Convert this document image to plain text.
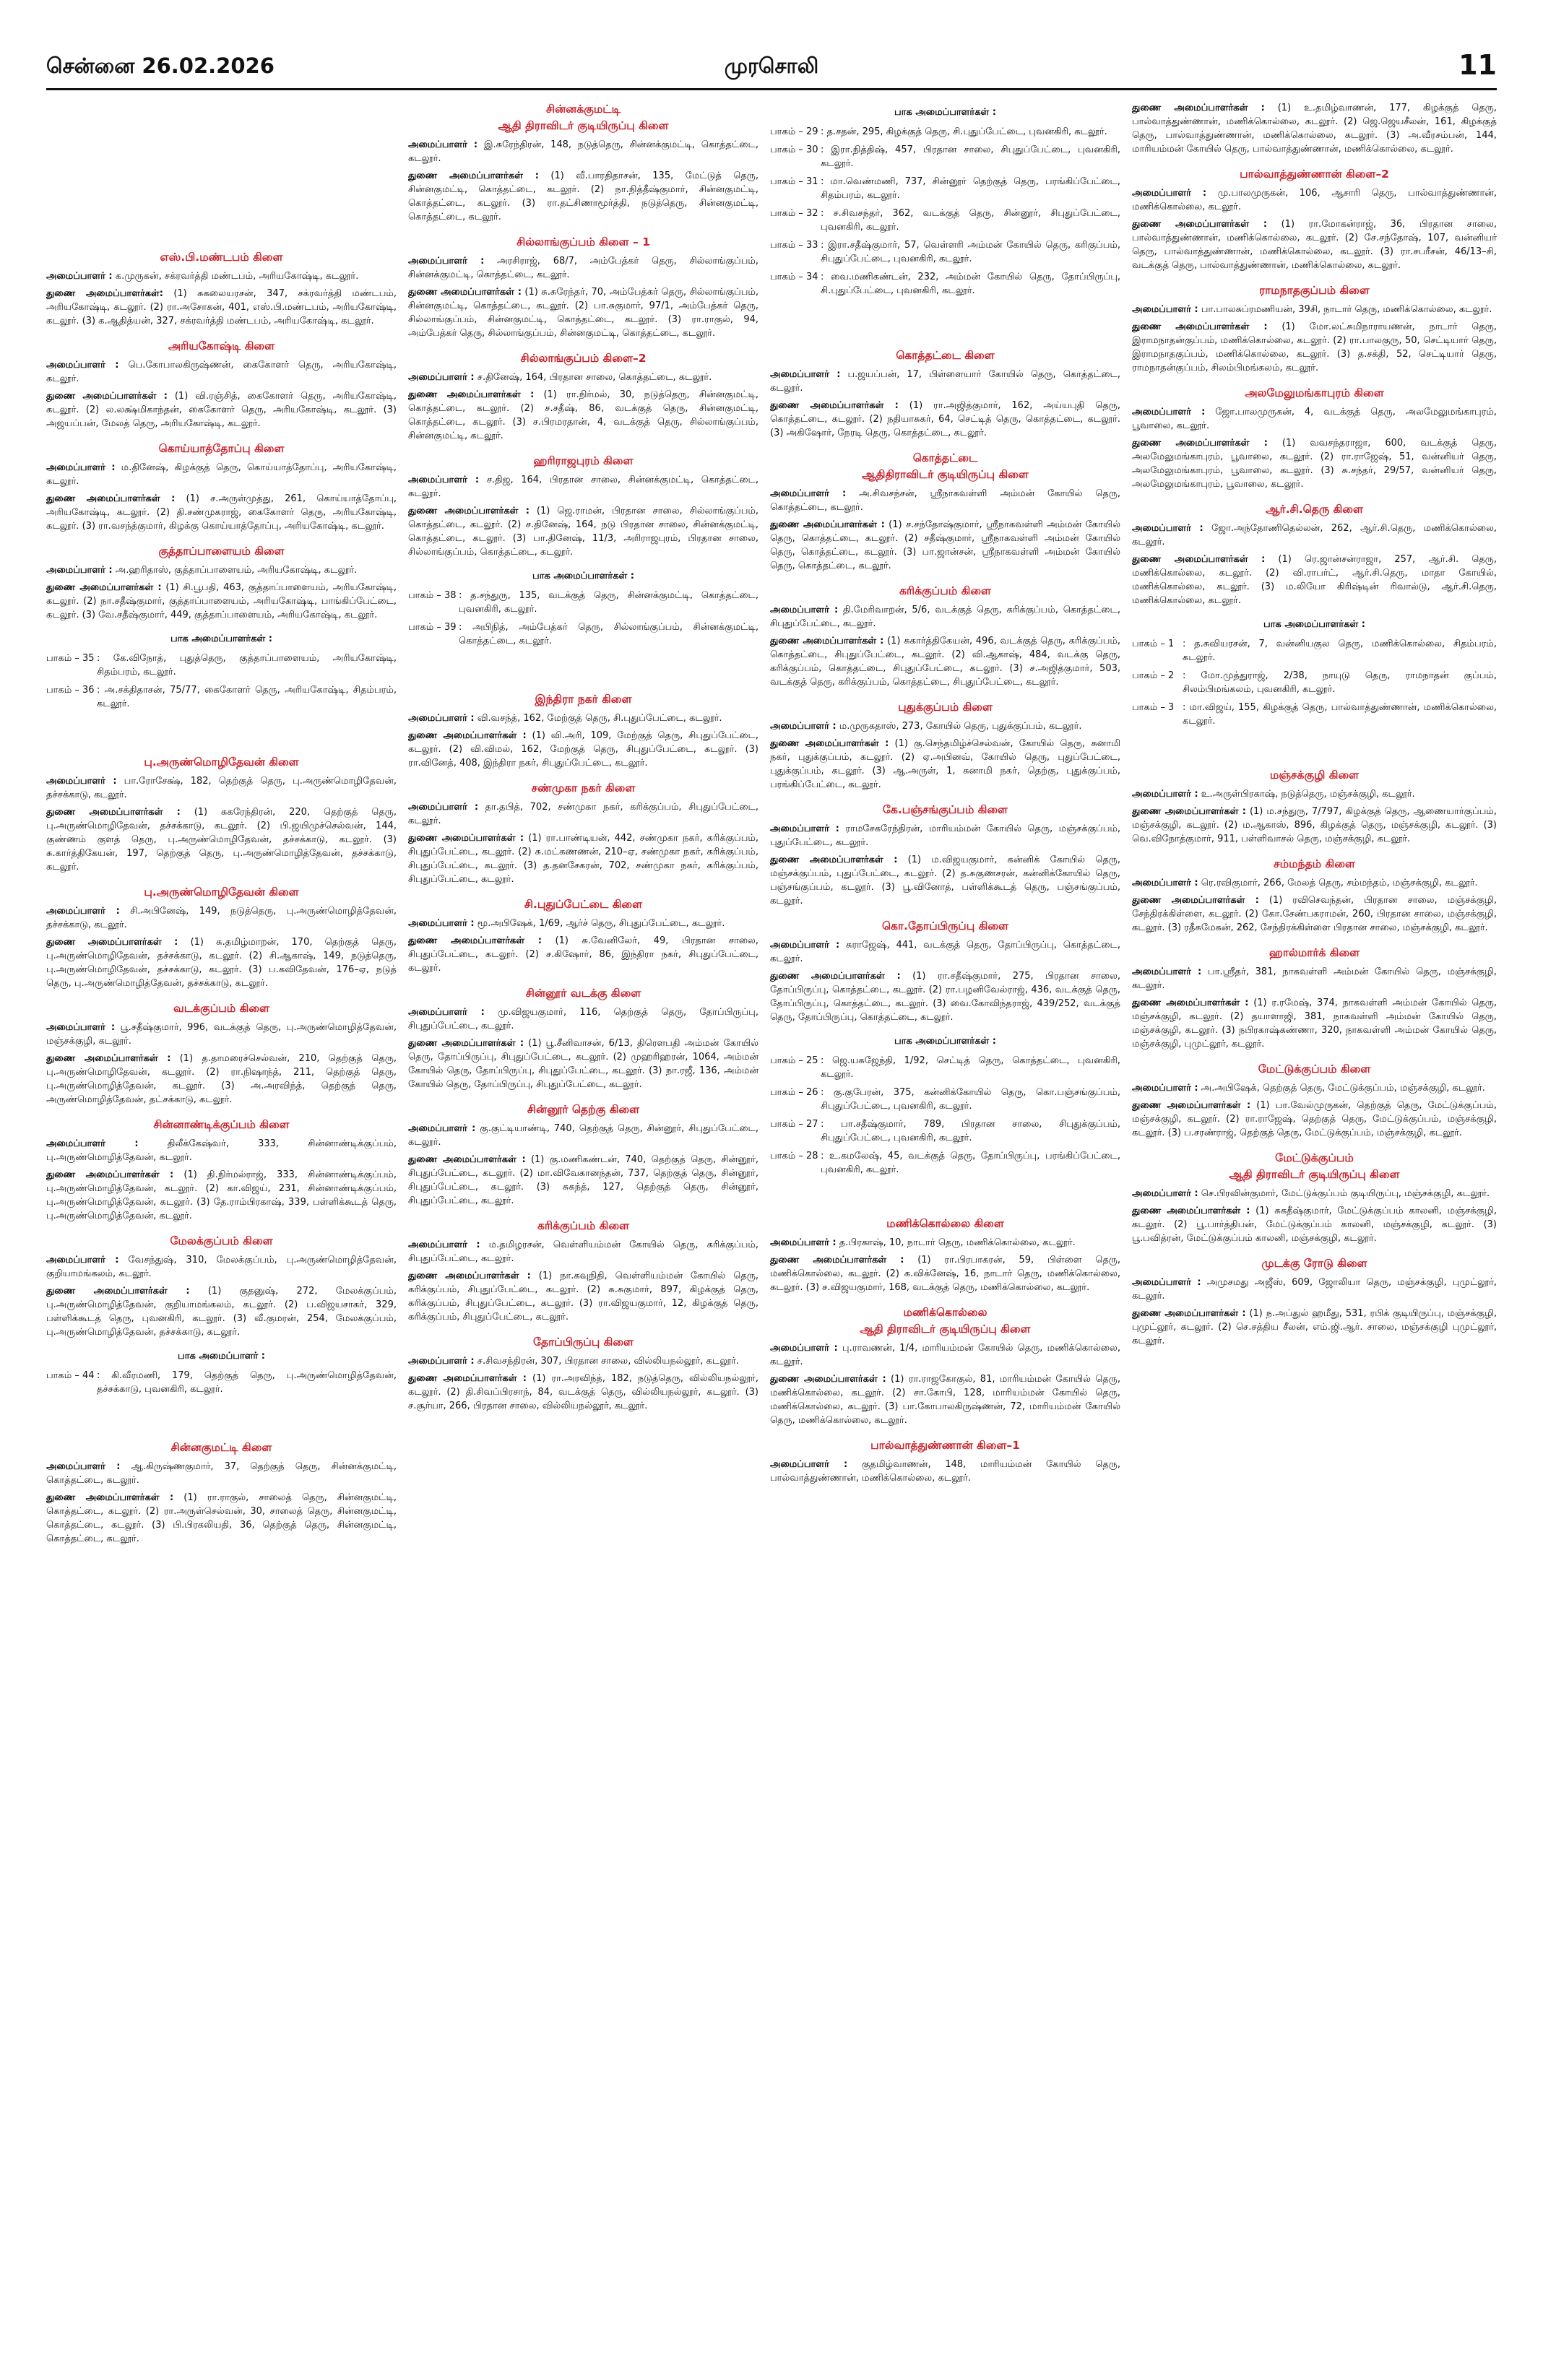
சென்னை 26.02.2026	முரசொலி	11
எஸ்.பி.மண்டபம் கிளை

அமைப்பாளர் : க.முருகன், சக்ரவர்த்தி மண்டபம், அரியகோஷ்டி, கடலூர்.

துணை அமைப்பாளர்கள்: (1) சுகலையரசன், 347, சக்ரவர்த்தி மண்டபம், அரியகோஷ்டி, கடலூர். (2) ரா.அசோகன், 401, எஸ்.பி.மண்டபம், அரியகோஷ்டி, கடலூர். (3) க.ஆதித்யன், 327, சக்ரவர்த்தி மண்டபம், அரியகோஷ்டி, கடலூர்.

அரியகோஷ்டி கிளை

அமைப்பாளர் : பெ.கோபாலகிருஷ்ணன், கைகோளர் தெரு, அரியகோஷ்டி, கடலூர்.

துணை அமைப்பாளர்கள் : (1) வி.ரஞ்சித், கைகோளர் தெரு, அரியகோஷ்டி, கடலூர். (2) ல.லக்ஷ்மிகாந்தன், கைகோளர் தெரு, அரியகோஷ்டி, கடலூர். (3) அஜயப்பன், மேலத் தெரு, அரியகோஷ்டி, கடலூர்.

கொய்யாத்தோப்பு கிளை

அமைப்பாளர் : ம.தினேஷ், கிழக்குத் தெரு, கொய்யாத்தோப்பு, அரியகோஷ்டி, கடலூர்.

துணை அமைப்பாளர்கள் : (1) ச.அருள்முத்து, 261, கொய்யாத்தோப்பு, அரியகோஷ்டி, கடலூர். (2) தி.சண்முகராஜ், கைகோளர் தெரு, அரியகோஷ்டி, கடலூர். (3) ரா.வசந்த்குமார், கிழக்கு கொய்யாத்தோப்பு, அரியகோஷ்டி, கடலூர்.

குத்தாப்பாளையம் கிளை

அமைப்பாளர் : அ.ஹரிதாஸ், குத்தாப்பாளையம், அரியகோஷ்டி, கடலூர்.

துணை அமைப்பாளர்கள் : (1) சி.பூபதி, 463, குத்தாப்பாளையம், அரியகோஷ்டி, கடலூர். (2) நா.சதீஷ்குமார், குத்தாப்பாளையம், அரியகோஷ்டி, பாங்கிப்பேட்டை, கடலூர். (3) வே.சதீஷ்குமார், 449, குத்தாப்பாளையம், அரியகோஷ்டி, கடலூர்.

பாக அமைப்பாளர்கள் :
பாகம் – 35 : கே.விநோத், புதுத்தெரு, குத்தாப்பாளையம், அரியகோஷ்டி, சிதம்பரம், கடலூர்.
பாகம் – 36 : அ.சக்திதாசன், 75/77, கைகோளர் தெரு, அரியகோஷ்டி, சிதம்பரம், கடலூர்.
பு.அருண்மொழிதேவன் கிளை

அமைப்பாளர் : பா.ரோசேக்ஷ், 182, தெற்குத் தெரு, பு.அருண்மொழிதேவன், தச்சக்காடு, கடலூர்.

துணை அமைப்பாளர்கள் : (1) சுகரேந்திரன், 220, தெற்குத் தெரு, பு.அருண்மொழிதேவன், தச்சக்காடு, கடலூர். (2) பி.ஜயிமுச்செல்வன், 144, குண்ணம் குளத் தெரு, பு.அருண்மொழிதேவன், தச்சக்காடு, கடலூர். (3) சு.கார்த்திகேயன், 197, தெற்குத் தெரு, பு.அருண்மொழித்தேவன், தச்சக்காடு, கடலூர்.

பு.அருண்மொழிதேவன் கிளை

அமைப்பாளர் : சி.அபினேஷ், 149, நடுத்தெரு, பு.அருண்மொழித்தேவன், தச்சக்காடு, கடலூர்.

துணை அமைப்பாளர்கள் : (1) சு.தமிழ்மாறன், 170, தெற்குத் தெரு, பு.அருண்மொழிதேவன், தச்சக்காடு, கடலூர். (2) சி.ஆகாஷ், 149, நடுத்தெரு, பு.அருண்மொழிதேவன், தச்சக்காடு, கடலூர். (3) ப.கவிதேவன், 176–ஏ, நடுத் தெரு, பு.அருண்மொழித்தேவன், தச்சக்காடு, கடலூர்.

வடக்குப்பம் கிளை

அமைப்பாளர் : பூ.சதீஷ்குமார், 996, வடக்குத் தெரு, பு.அருண்மொழித்தேவன், மஞ்சக்குழி, கடலூர்.

துணை அமைப்பாளர்கள் : (1) த.தாமரைச்செல்வன், 210, தெற்குத் தெரு, பு.அருண்மொழிதேவன், கடலூர். (2) ரா.நிஷாந்த், 211, தெற்குத் தெரு, பு.அருண்மொழித்தேவன், கடலூர். (3) அ.அரவிந்த், தெற்குத் தெரு, அருண்மொழித்தேவன், தட்சக்காடு, கடலூர்.

சின்னாண்டிக்குப்பம் கிளை

அமைப்பாளர் :	திலீக்கேஷ்வர், 333, சின்னாண்டிக்குப்பம், பு.அருண்மொழித்தேவன், கடலூர்.

துணை அமைப்பாளர்கள் : (1) தி.நிர்மல்ராஜ், 333, சின்னாண்டிக்குப்பம், பு.அருண்மொழித்தேவன், கடலூர். (2) கா.விஜய், 231, சின்னாண்டிக்குப்பம், பு.அருண்மொழித்தேவன், கடலூர். (3) தே.ராம்பிரகாஷ், 339, பள்ளிக்கூடத் தெரு, பு.அருண்மொழித்தேவன், கடலூர்.

மேலக்குப்பம் கிளை

அமைப்பாளர் : வேசந்துஷ், 310, மேலக்குப்பம், பு.அருண்மொழித்தேவன், குறியாமங்கலம், கடலூர்.

துணை அமைப்பாளர்கள் : (1) குதனுஷ், 272, மேலக்குப்பம், பு.அருண்மொழித்தேவன், குறியாமங்கலம், கடலூர். (2) ப.விஜயசாகர், 329, பள்ளிக்கூடத் தெரு, புவனகிரி, கடலூர். (3) வீ.குமரன், 254, மேலக்குப்பம், பு.அருண்மொழித்தேவன், தச்சக்காடு, கடலூர்.

பாக அமைப்பாளர் :
பாகம் – 44 : கி.வீரமணி, 179, தெற்குத் தெரு, பு.அருண்மொழித்தேவன், தச்சக்காடு, புவனகிரி, கடலூர்.
சின்னகுமட்டி கிளை

அமைப்பாளர் : ஆ.கிருஷ்ணகுமார், 37, தெற்குத் தெரு, சின்னக்குமட்டி, கொத்தட்டை, கடலூர்.

துணை அமைப்பாளர்கள் : (1) ரா.ராகுல், சாலைத் தெரு, சின்னகுமட்டி, கொத்தட்டை, கடலூர். (2) ரா.அருள்செல்வன், 30, சாலைத் தெரு, சின்னகுமட்டி, கொத்தட்டை, கடலூர். (3) பி.பிரகலியதி, 36, தெற்குத் தெரு, சின்னகுமட்டி, கொத்தட்டை, கடலூர்.

சின்னக்குமட்டி
ஆதி திராவிடர் குடியிருப்பு கிளை

அமைப்பாளர் : இ.சுரேந்திரன், 148, நடுத்தெரு, சின்னக்குமட்டி, கொத்தட்டை, கடலூர்.

துணை அமைப்பாளர்கள் : (1) வீ.பாரதிதாசன், 135, மேட்டுத் தெரு, சின்னகுமட்டி, கொத்தட்டை, கடலூர். (2) நா.நித்தீஷ்குமார், சின்னகுமட்டி, கொத்தட்டை, கடலூர். (3) ரா.தட்சிணாமூர்த்தி, நடுத்தெரு, சின்னகுமட்டி, கொத்தட்டை, கடலூர்.

சில்லாங்குப்பம் கிளை – 1

அமைப்பாளர் : அரசிராஜ், 68/7, அம்பேத்கர் தெரு, சில்லாங்குப்பம், சின்னக்குமட்டி, கொத்தட்டை, கடலூர்.

துணை அமைப்பாளர்கள் : (1) சு.சுரேந்தர், 70, அம்பேத்கர் தெரு, சில்லாங்குப்பம், சின்னகுமட்டி, கொத்தட்டை, கடலூர். (2) பா.சுகுமார், 97/1, அம்பேத்கர் தெரு, சில்லாங்குப்பம், சின்னகுமட்டி, கொத்தட்டை, கடலூர். (3) ரா.ராகுல், 94, அம்பேத்கர் தெரு, சில்லாங்குப்பம், சின்னகுமட்டி, கொத்தட்டை, கடலூர்.

சில்லாங்குப்பம் கிளை–2

அமைப்பாளர் : ச.தினேஷ், 164, பிரதான சாலை, கொத்தட்டை, கடலூர்.

துணை அமைப்பாளர்கள் : (1) ரா.நிர்மல், 30, நடுத்தெரு, சின்னகுமட்டி, கொத்தட்டை, கடலூர். (2) ச.சதீஷ், 86, வடக்குத் தெரு, சின்னகுமட்டி, கொத்தட்டை, கடலூர். (3) ச.பிரமரதான், 4, வடக்குத் தெரு, சில்லாங்குப்பம், சின்னகுமட்டி, கடலூர்.

ஹரிராஜபுரம் கிளை

அமைப்பாளர் : ச.திஜ, 164, பிரதான சாலை, சின்னக்குமட்டி, கொத்தட்டை, கடலூர்.

துணை அமைப்பாளர்கள் : (1) ஜெ.ராமன், பிரதான சாலை, சில்லாங்குப்பம், கொத்தட்டை, கடலூர். (2) ச.தினேஷ், 164, நடு பிரதான சாலை, சின்னக்குமட்டி, கொத்தட்டை, கடலூர். (3) பா.தினேஷ், 11/3, அரிராஜபுரம், பிரதான சாலை, சில்லாங்குப்பம், கொத்தட்டை, கடலூர்.

பாக அமைப்பாளர்கள் :
பாகம் – 38 : த.சந்துரு, 135, வடக்குத் தெரு, சின்னக்குமட்டி, கொத்தட்டை, புவனகிரி, கடலூர்.
பாகம் – 39 : அபிநித், அம்பேத்கர் தெரு, சில்லாங்குப்பம், சின்னக்குமட்டி, கொத்தட்டை, கடலூர்.
இந்திரா நகர் கிளை

அமைப்பாளர் : வி.வசந்த், 162, மேற்குத் தெரு, சி.புதுப்பேட்டை, கடலூர்.

துணை அமைப்பாளர்கள் : (1) வி.அரி, 109, மேற்குத் தெரு, சிபுதுப்பேட்டை, கடலூர். (2) வி.விமல், 162, மேற்குத் தெரு, சிபுதுப்பேட்டை, கடலூர். (3) ரா.வினேத், 408, இந்திரா நகர், சிபுதுப்பேட்டை, கடலூர்.

சண்முகா நகர் கிளை

அமைப்பாளர் : தா.தபித், 702, சண்முகா நகர், கரிக்குப்பம், சிபுதுப்பேட்டை, கடலூர்.

துணை அமைப்பாளர்கள் : (1) ரா.பாண்டியன், 442, சண்முகா நகர், கரிக்குப்பம், சிபுதுப்பேட்டை, கடலூர். (2) சு.மட்கணணன், 210–ஏ, சண்முகா நகர், கரிக்குப்பம், சிபுதுப்பேட்டை, கடலூர். (3) த.தனசேகரன், 702, சண்முகா நகர், கரிக்குப்பம், சிபுதுப்பேட்டை, கடலூர்.

சி.புதுப்பேட்டை கிளை

அமைப்பாளர் : மூ.அபிஷேக், 1/69, ஆர்ச் தெரு, சிபுதுப்பேட்டை, கடலூர்.

துணை அமைப்பாளர்கள் : (1) சு.வேனிலேர், 49, பிரதான சாலை, சிபுதுப்பேட்டை, கடலூர். (2) ச.கிஷோர், 86, இந்திரா நகர், சிபுதுப்பேட்டை, கடலூர்.

சின்னூர் வடக்கு கிளை

அமைப்பாளர் : மு.விஜயகுமார், 116, தெற்குத் தெரு, தோப்பிருப்பு, சிபுதுப்பேட்டை, கடலூர்.

துணை அமைப்பாளர்கள் : (1) பூ.சீனிவாசன், 6/13, திரௌபதி அம்மன் கோயில் தெரு, தோப்பிருப்பு, சிபுதுப்பேட்டை, கடலூர். (2) முஹரிஹரன், 1064, அம்மன் கோயில் தெரு, தோப்பிருப்பு, சிபுதுப்பேட்டை, கடலூர். (3) நா.ரஜீ, 136, அம்மன் கோயில் தெரு, தோப்பிருப்பு, சிபுதுப்பேட்டை, கடலூர்.

சின்னூர் தெற்கு கிளை

அமைப்பாளர் : கு.குட்டியாண்டி, 740, தெற்குத் தெரு, சின்னூர், சிபுதுப்பேட்டை, கடலூர்.

துணை அமைப்பாளர்கள் : (1) கு.மணிகண்டன், 740, தெற்குத் தெரு, சின்னூர், சிபுதுப்பேட்டை, கடலூர். (2) மா.விவேகானந்தன், 737, தெற்குத் தெரு, சின்னூர், சிபுதுப்பேட்டை, கடலூர். (3) சுகந்த், 127, தெற்குத் தெரு, சின்னூர், சிபுதுப்பேட்டை, கடலூர்.

கரிக்குப்பம் கிளை

அமைப்பாளர் : ம.தமிழரசன், வெள்ளியம்மன் கோயில் தெரு, கரிக்குப்பம், சிபுதுப்பேட்டை, கடலூர்.

துணை அமைப்பாளர்கள் : (1) நா.கவுநிதி, வெள்ளியம்மன் கோயில் தெரு, கரிக்குப்பம், சிபுதுப்பேட்டை, கடலூர். (2) சு.சுகுமார், 897, கிழக்குத் தெரு, கரிக்குப்பம், சிபுதுப்பேட்டை, கடலூர். (3) ரா.விஜயகுமார், 12, கிழக்குத் தெரு, கரிக்குப்பம், சிபுதுப்பேட்டை, கடலூர்.

தோப்பிருப்பு கிளை

அமைப்பாளர் : ச.சிவசந்திரன், 307, பிரதான சாலை, வில்லியநல்லூர், கடலூர்.

துணை அமைப்பாளர்கள் : (1) ரா.அரவிந்த், 182, நடுத்தெரு, வில்லியநல்லூர், கடலூர். (2) தி.சிவப்பிரசாந், 84, வடக்குத் தெரு, வில்லியநல்லூர், கடலூர். (3) ச.சூர்யா, 266, பிரதான சாலை, வில்லியநல்லூர், கடலூர்.

பாக அமைப்பாளர்கள் :
பாகம் – 29 : த.சதன், 295, கிழக்குத் தெரு, சி.புதுப்பேட்டை, புவனகிரி, கடலூர்.
பாகம் – 30 : இரா.நித்திஷ், 457, பிரதான சாலை, சிபுதுப்பேட்டை, புவனகிரி, கடலூர்.
பாகம் – 31 : மா.வெண்மணி, 737, சின்னூர் தெற்குத் தெரு, பரங்கிப்பேட்டை, சிதம்பரம், கடலூர்.
பாகம் – 32 : ச.சிவசந்தர், 362, வடக்குத் தெரு, சின்னூர், சிபுதுப்பேட்டை, புவனகிரி, கடலூர்.
பாகம் – 33 : இரா.சதீஷ்குமார், 57, வெள்ளரி அம்மன் கோயில் தெரு, கரிகுப்பம், சிபுதுப்பேட்டை, புவனகிரி, கடலூர்.
பாகம் – 34 : வை.மணிகண்டன், 232, அம்மன் கோயில் தெரு, தோப்பிருப்பு, சி.புதுப்பேட்டை, புவனகிரி, கடலூர்.
கொத்தட்டை கிளை

அமைப்பாளர் : ப.ஜயப்பன், 17, பிள்ளையார் கோயில் தெரு, கொத்தட்டை, கடலூர்.

துணை அமைப்பாளர்கள் : (1) ரா.அஜித்குமார், 162, அய்யபுதி தெரு, கொத்தட்டை, கடலூர். (2) நதியாசுகர், 64, செட்டித் தெரு, கொத்தட்டை, கடலூர். (3) அகிஷோர், நேரடி தெரு, கொத்தட்டை, கடலூர்.

கொத்தட்டை
ஆதிதிராவிடர் குடியிருப்பு கிளை

அமைப்பாளர் : அ.சிவசந்சன், ஸ்ரீநாகவள்ளி அம்மன் கோயில் தெரு, கொத்தட்டை, கடலூர்.

துணை அமைப்பாளர்கள் : (1) ச.சந்தோஷ்குமார், ஸ்ரீநாகவள்ளி அம்மன் கோயில் தெரு, கொத்தட்டை, கடலூர். (2) சதீஷ்குமார், ஸ்ரீநாகவள்ளி அம்மன் கோயில் தெரு, கொத்தட்டை, கடலூர். (3) பா.ஜான்சன், ஸ்ரீநாகவள்ளி அம்மன் கோயில் தெரு, கொத்தட்டை, கடலூர்.

கரிக்குப்பம் கிளை

அமைப்பாளர் : தி.மேரிவாறன், 5/6, வடக்குத் தெரு, கரிக்குப்பம், கொத்தட்டை, சிபுதுப்பேட்டை, கடலூர்.

துணை அமைப்பாளர்கள் : (1) சுகார்த்திகேயன், 496, வடக்குத் தெரு, கரிக்குப்பம், கொத்தட்டை, சிபுதுப்பேட்டை, கடலூர். (2) வி.ஆகாஷ், 484, வடக்கு தெரு, கரிக்குப்பம், கொத்தட்டை, சிபுதுப்பேட்டை, கடலூர். (3) ச.அஜித்குமார், 503, வடக்குத் தெரு, கரிக்குப்பம், கொத்தட்டை, சிபுதுப்பேட்டை, கடலூர்.

புதுக்குப்பம் கிளை

அமைப்பாளர் : ம.முருகதாஸ், 273, கோயில் தெரு, புதுக்குப்பம், கடலூர்.

துணை அமைப்பாளர்கள் : (1) கு.செந்தமிழ்ச்செல்வன், கோயில் தெரு, சுனாமி நகர், புதுக்குப்பம், கடலூர். (2) ஏ.அபினவ், கோயில் தெரு, புதுப்பேட்டை, புதுக்குப்பம், கடலூர். (3) ஆ.அருள், 1, சுனாமி நகர், தெற்கு, புதுக்குப்பம், பரங்கிப்பேட்டை, கடலூர்.

கே.பஞ்சங்குப்பம் கிளை

அமைப்பாளர் : ராமசேகரேந்திரன், மாரியம்மன் கோயில் தெரு, மஞ்சக்குப்பம், புதுப்பேட்டை, கடலூர்.

துணை அமைப்பாளர்கள் : (1) ம.விஜயகுமார், கன்னிக் கோயில் தெரு, மஞ்சக்குப்பம், புதுப்பேட்டை, கடலூர். (2) த.சுகுணசரன், கன்னிக்கோயில் தெரு, பஞ்சங்குப்பம், கடலூர். (3) பூ.வினோத், பள்ளிக்கூடத் தெரு, பஞ்சங்குப்பம், கடலூர்.

கொ.தோப்பிருப்பு கிளை

அமைப்பாளர் : சுராஜேஷ், 441, வடக்குத் தெரு, தோப்பிருப்பு, கொத்தட்டை, கடலூர்.

துணை அமைப்பாளர்கள் : (1) ரா.சதீஷ்குமார், 275, பிரதான சாலை, தோப்பிருப்பு, கொத்தட்டை, கடலூர். (2) ரா.பழனிவேல்ராஜ், 436, வடக்குத் தெரு, தோப்பிருப்பு, கொத்தட்டை, கடலூர். (3) வை.கோவிந்தராஜ், 439/252, வடக்குத் தெரு, தோப்பிருப்பு, கொத்தட்டை, கடலூர்.

பாக அமைப்பாளர்கள் :
பாகம் – 25 : ஜெ.யசுஜேந்தி, 1/92, செட்டித் தெரு, கொத்தட்டை, புவனகிரி, கடலூர்.
பாகம் – 26 : கு.குபேரன், 375, கன்னிக்கோயில் தெரு, கொ.பஞ்சங்குப்பம், சிபுதுப்பேட்டை, புவனகிரி, கடலூர்.
பாகம் – 27 : பா.சதீஷ்குமார், 789, பிரதான சாலை, சிபுதுக்குப்பம், சிபுதுப்பேட்டை, புவனகிரி, கடலூர்.
பாகம் – 28 : உ.கமலேஷ், 45, வடக்குத் தெரு, தோப்பிருப்பு, பரங்கிப்பேட்டை, புவனகிரி, கடலூர்.
மணிக்கொல்லை கிளை

அமைப்பாளர் : த.பிரகாஷ், 10, நாடார் தெரு, மணிக்கொல்லை, கடலூர்.

துணை அமைப்பாளர்கள் : (1) ரா.பிரபாகரன், 59, பிள்ளை தெரு, மணிக்கொல்லை, கடலூர். (2) க.விக்னேஷ், 16, நாடார் தெரு, மணிக்கொல்லை, கடலூர். (3) ச.விஜயகுமார், 168, வடக்குத் தெரு, மணிக்கொல்லை, கடலூர்.

மணிக்கொல்லை
ஆதி திராவிடர் குடியிருப்பு கிளை

அமைப்பாளர் : பு.ராவணன், 1/4, மாரியம்மன் கோயில் தெரு, மணிக்கொல்லை, கடலூர்.

துணை அமைப்பாளர்கள் : (1) ரா.ராஜகோகுல், 81, மாரியம்மன் கோயில் தெரு, மணிக்கொல்லை, கடலூர். (2) சா.கோபி, 128, மாரியம்மன் கோயில் தெரு, மணிக்கொல்லை, கடலூர். (3) பா.கோபாலகிருஷ்ணன், 72, மாரியம்மன் கோயில் தெரு, மணிக்கொல்லை, கடலூர்.

பால்வாத்துண்ணான் கிளை–1

அமைப்பாளர் : குதமிழ்வாணன், 148, மாரியம்மன் கோயில் தெரு, பால்வாத்துண்ணான், மணிக்கொல்லை, கடலூர்.

துணை அமைப்பாளர்கள் : (1) உ.தமிழ்வாணன், 177, கிழக்குத் தெரு, பால்வாத்துண்ணான், மணிக்கொல்லை, கடலூர். (2) ஜெ.ஜெயசீலன், 161, கிழக்குத் தெரு, பால்வாத்துண்ணான், மணிக்கொல்லை, கடலூர். (3) அ.வீரசம்பன், 144, மாரியம்மன் கோயில் தெரு, பால்வாத்துண்ணான், மணிக்கொல்லை, கடலூர்.

பால்வாத்துண்ணான் கிளை–2

அமைப்பாளர் : மு.பாலமுருகன், 106, ஆசாரி தெரு, பால்வாத்துண்ணான், மணிக்கொல்லை, கடலூர்.

துணை அமைப்பாளர்கள் : (1) ரா.மோகன்ராஜ், 36, பிரதான சாலை, பால்வாத்துண்ணான், மணிக்கொல்லை, கடலூர். (2) சே.சந்தோஷ், 107, வன்னியர் தெரு, பால்வாத்துண்ணான், மணிக்கொல்லை, கடலூர். (3) ரா.சபரீசன், 46/13–சி, வடக்குத் தெரு, பால்வாத்துண்ணான், மணிக்கொல்லை, கடலூர்.

ராமநாதகுப்பம் கிளை

அமைப்பாளர் : பா.பாலசுப்ரமணியன், 39சி, நாடார் தெரு, மணிக்கொல்லை, கடலூர்.

துணை அமைப்பாளர்கள் : (1) மோ.லட்சுமிநாராயணன், நாடார் தெரு, இராமநாதன்குப்பம், மணிக்கொல்லை, கடலூர். (2) ரா.பாலகுரு, 50, செட்டியார் தெரு, இராமநாதகுப்பம், மணிக்கொல்லை, கடலூர். (3) த.சக்தி, 52, செட்டியார் தெரு, ராமநாதன்குப்பம், சிலம்பிமங்கலம், கடலூர்.

அலமேலுமங்காபுரம் கிளை

அமைப்பாளர் : ஜோ.பாலமுருகன், 4, வடக்குத் தெரு, அலமேலுமங்காபுரம், பூவாலை, கடலூர்.

துணை அமைப்பாளர்கள் : (1) வவசந்தராஜா, 600, வடக்குத் தெரு, அலமேலுமங்காபுரம், பூவாலை, கடலூர். (2) ரா.ராஜேஷ், 51, வன்னியர் தெரு, அலமேலுமங்காபுரம், பூவாலை, கடலூர். (3) சு.சந்தர், 29/57, வன்னியர் தெரு, அலமேலுமங்காபுரம், பூவாலை, கடலூர்.

ஆர்.சி.தெரு கிளை

அமைப்பாளர் : ஜோ.அந்தோணிதெல்லன், 262, ஆர்.சி.தெரு, மணிக்கொல்லை, கடலூர்.

துணை அமைப்பாளர்கள் : (1) ரெ.ஜான்சன்ராஜா, 257, ஆர்.சி. தெரு, மணிக்கொல்லை, கடலூர். (2) வி.ராபர்ட், ஆர்.சி.தெரு, மாதா கோயில், மணிக்கொல்லை, கடலூர். (3) ம.லியோ கிரிஷ்டின் ரிவால்டு, ஆர்.சி.தெரு, மணிக்கொல்லை, கடலூர்.

பாக அமைப்பாளர்கள் :
பாகம் – 1 : த.சுவியரசன், 7, வன்னியகுல தெரு, மணிக்கொல்லை, சிதம்பரம், கடலூர்.
பாகம் – 2 : மோ.முத்துராஜ், 2/38, நாயுடு தெரு, ராமநாதன் குப்பம், சிலம்பிமங்கலம், புவனகிரி, கடலூர்.
பாகம் – 3 : மா.விஜய், 155, கிழக்குத் தெரு, பால்வாத்துண்ணான், மணிக்கொல்லை, கடலூர்.
மஞ்சக்குழி கிளை

அமைப்பாளர் : உ.அருள்பிரகாஷ், நடுத்தெரு, மஞ்சக்குழி, கடலூர்.

துணை அமைப்பாளர்கள் : (1) ம.சந்துரு, 7/797, கிழக்குத் தெரு, ஆணையார்குப்பம், மஞ்சக்குழி, கடலூர். (2) ம.ஆகாஸ், 896, கிழக்குத் தெரு, மஞ்சக்குழி, கடலூர். (3) வெ.விநோத்குமார், 911, பள்ளிவாசல் தெரு, மஞ்சக்குழி, கடலூர்.

சம்மந்தம் கிளை

அமைப்பாளர் : ரெ.ரவிகுமார், 266, மேலத் தெரு, சம்மந்தம், மஞ்சக்குழி, கடலூர்.

துணை அமைப்பாளர்கள் : (1) ரவிசெவந்தன், பிரதான சாலை, மஞ்சக்குழி, சேந்திரக்கிள்ளை, கடலூர். (2) கோ.சேண்பகராமன், 260, பிரதான சாலை, மஞ்சக்குழி, கடலூர். (3) ரதீசுமேகன், 262, சேந்திரக்கிள்ளை பிரதான சாலை, மஞ்சக்குழி, கடலூர்.

ஹால்மார்க் கிளை

அமைப்பாளர் : பா.ஸ்ரீதர், 381, நாகவள்ளி அம்மன் கோயில் தெரு, மஞ்சக்குழி, கடலூர்.

துணை அமைப்பாளர்கள் : (1) ர.ரமேஷ், 374, நாகவள்ளி அம்மன் கோயில் தெரு, மஞ்சக்குழி, கடலூர். (2) தயாளாஜி, 381, நாகவள்ளி அம்மன் கோயில் தெரு, மஞ்சக்குழி, கடலூர். (3) நபிரகாஷ்கண்ணா, 320, நாகவள்ளி அம்மன் கோயில் தெரு, மஞ்சக்குழி, புமுட்லூர், கடலூர்.

மேட்டுக்குப்பம் கிளை

அமைப்பாளர் : அ.அபிஷேக், தெற்குத் தெரு, மேட்டுக்குப்பம், மஞ்சக்குழி, கடலூர்.

துணை அமைப்பாளர்கள் : (1) பா.வேல்முருகன், தெற்குத் தெரு, மேட்டுக்குப்பம், மஞ்சக்குழி, கடலூர். (2) ரா.ராஜேஷ், தெற்குத் தெரு, மேட்டுக்குப்பம், மஞ்சக்குழி, கடலூர். (3) ப.சரண்ராஜ், தெற்குத் தெரு, மேட்டுக்குப்பம், மஞ்சக்குழி, கடலூர்.

மேட்டுக்குப்பம்
ஆதி திராவிடர் குடியிருப்பு கிளை

அமைப்பாளர் : செ.பிரவின்குமார், மேட்டுக்குப்பம் குடியிருப்பு, மஞ்சக்குழி, கடலூர்.

துணை அமைப்பாளர்கள் : (1) சுகதீஷ்குமார், மேட்டுக்குப்பம் காலனி, மஞ்சக்குழி, கடலூர். (2) பூ.பார்த்திபன், மேட்டுக்குப்பம் காலனி, மஞ்சக்குழி, கடலூர். (3) பூ.பவித்ரன், மேட்டுக்குப்பம் காலனி, மஞ்சக்குழி, கடலூர்.

முடக்கு ரோடு கிளை

அமைப்பாளர் : அமுசமது அஜீஸ், 609, ஜோலியா தெரு, மஞ்சக்குழி, புமுட்லூர், கடலூர்.

துணை அமைப்பாளர்கள் : (1) ந.அப்துல் ஹமீது, 531, ரபிக் குடியிருப்பு, மஞ்சக்குழி, புமுட்லூர், கடலூர். (2) செ.சத்திய சீலன், எம்.ஜி.ஆர். சாலை, மஞ்சக்குழி புமுட்லூர், கடலூர்.
